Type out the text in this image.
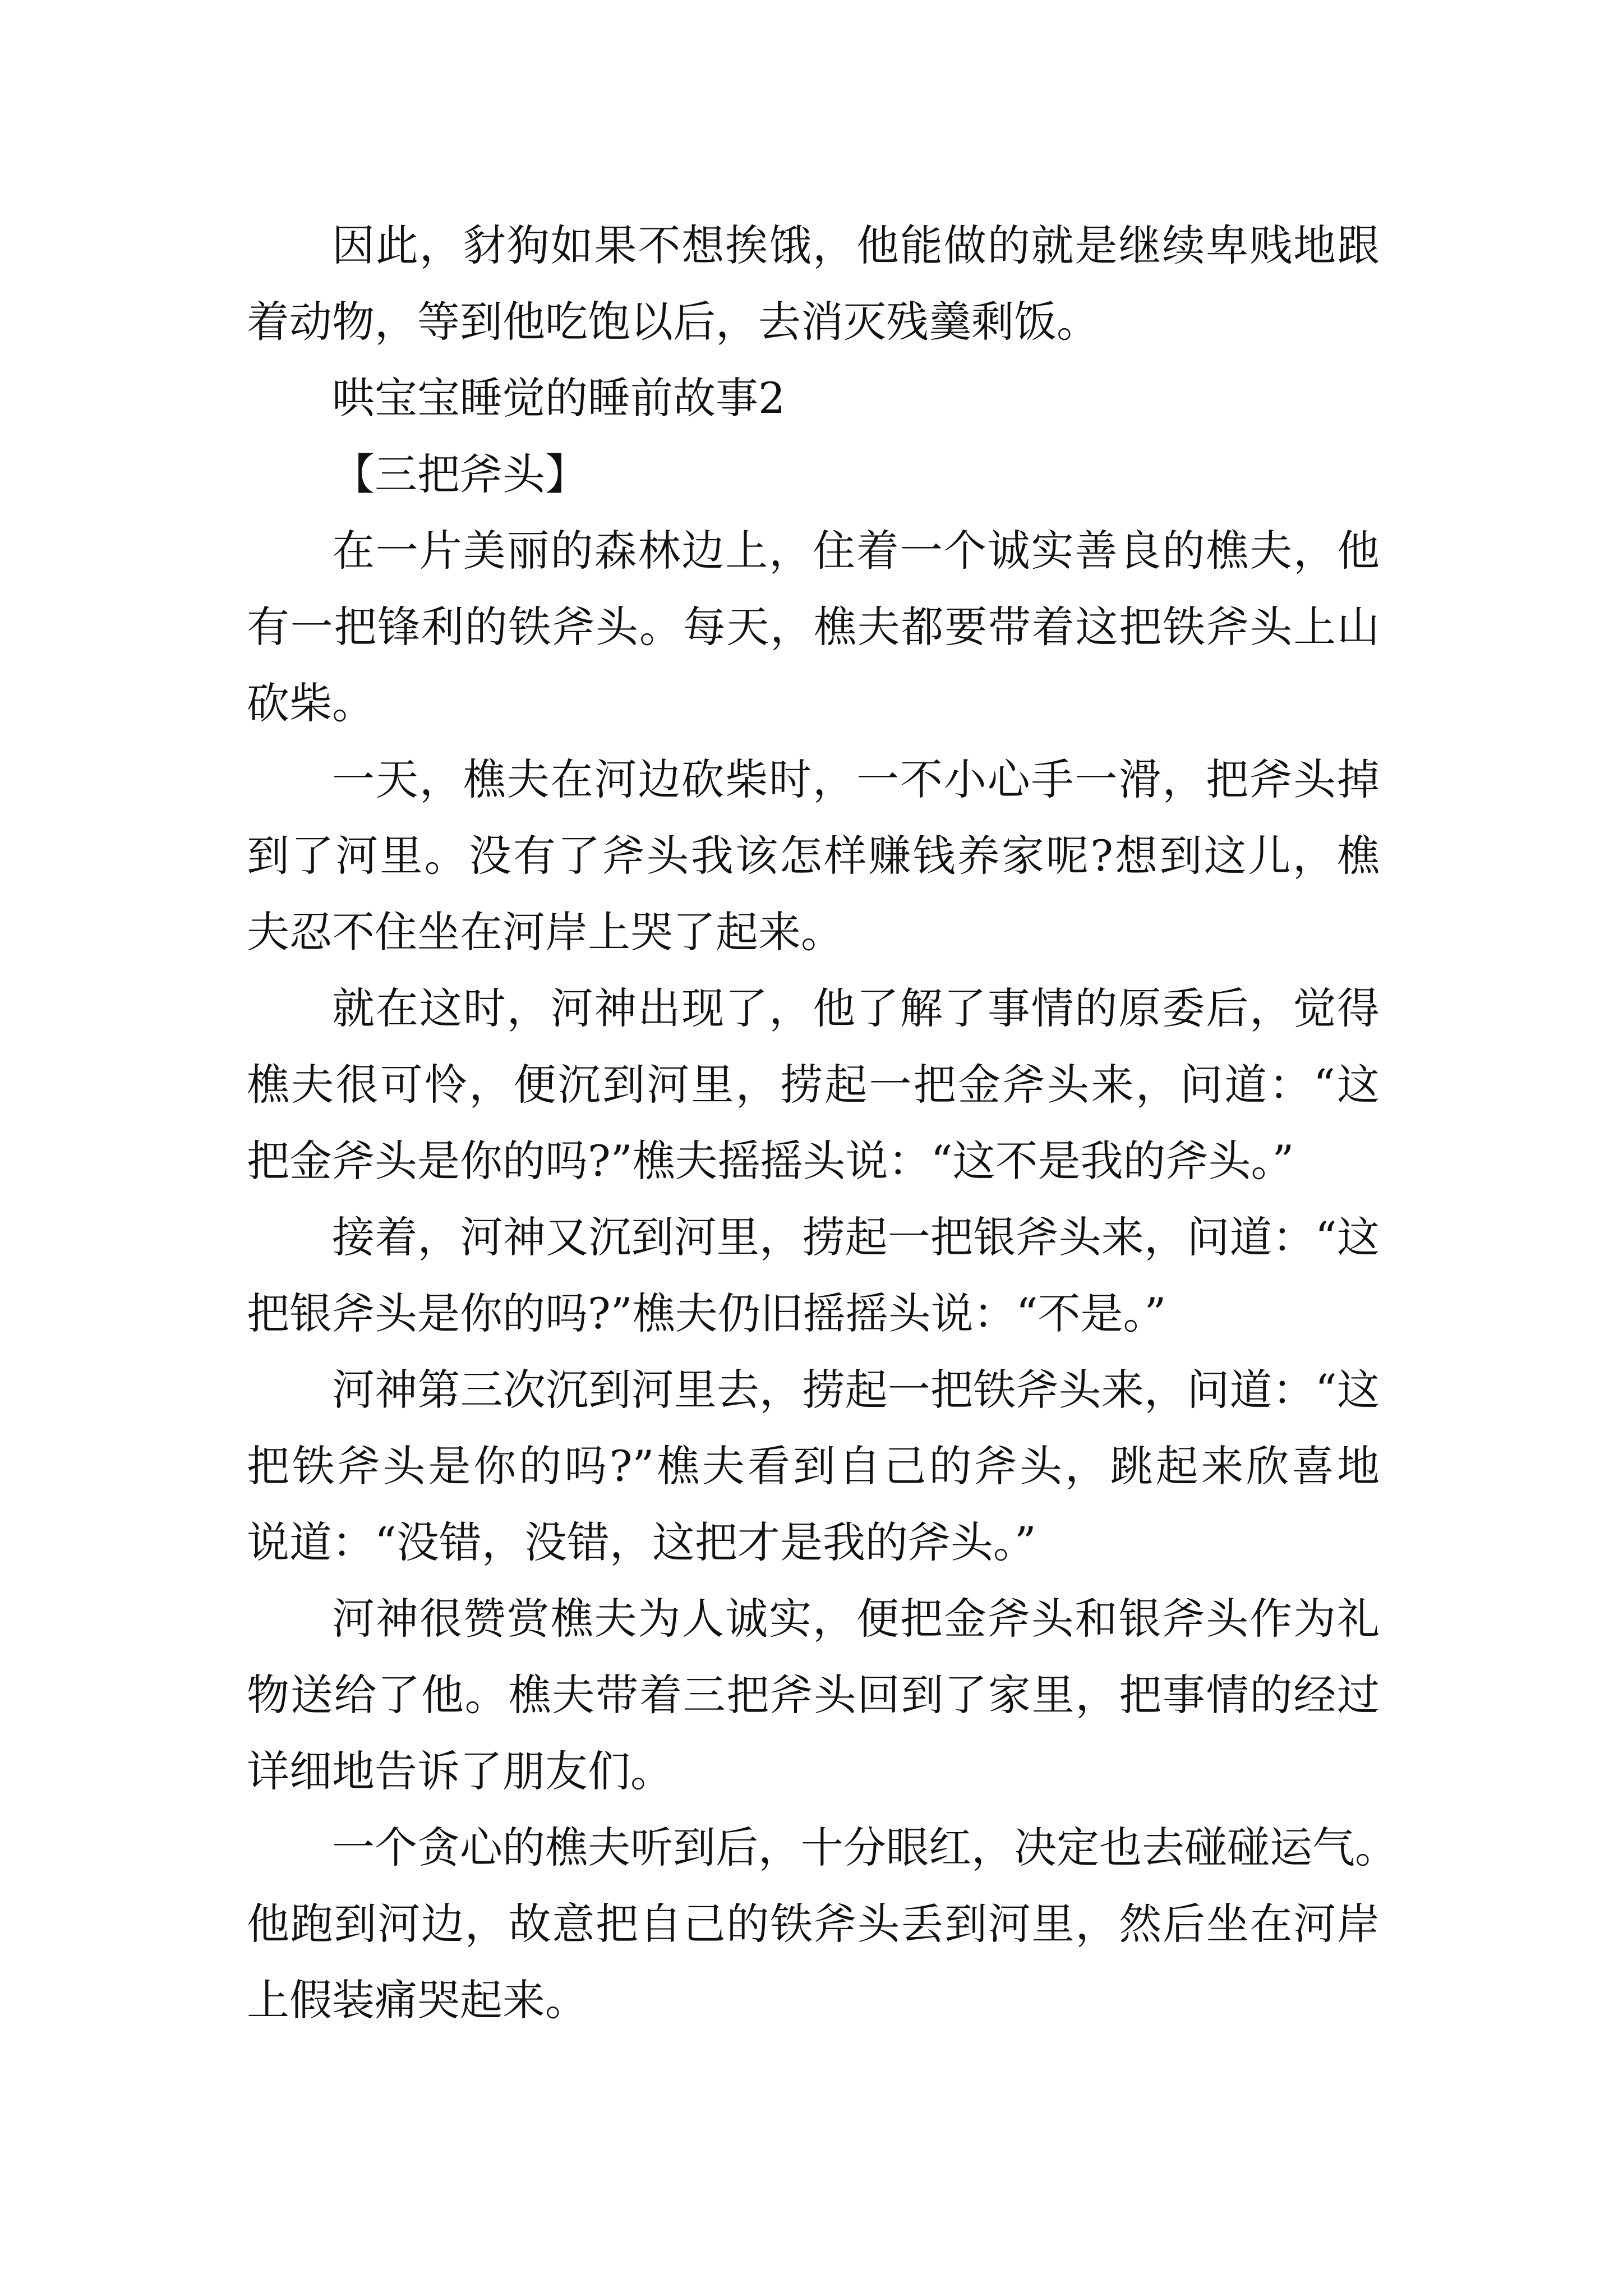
因此，豺狗如果不想挨饿，他能做的就是继续卑贱地跟
着动物，等到他吃饱以后，去消灭残羹剩饭。

哄宝宝睡觉的睡前故事2

【三把斧头】

在一片美丽的森林边上，住着一个诚实善良的樵夫，他
有一把锋利的铁斧头。每天，樵夫都要带着这把铁斧头上山
砍柴。

一天，樵夫在河边砍柴时，一不小心手一滑，把斧头掉
到了河里。没有了斧头我该怎样赚钱养家呢?想到这儿，樵
夫忍不住坐在河岸上哭了起来。

就在这时，河神出现了，他了解了事情的原委后，觉得
樵夫很可怜，便沉到河里，捞起一把金斧头来，问道：“这
把金斧头是你的吗?”樵夫摇摇头说：“这不是我的斧头。”

接着，河神又沉到河里，捞起一把银斧头来，问道：“这
把银斧头是你的吗?”樵夫仍旧摇摇头说：“不是。”

河神第三次沉到河里去，捞起一把铁斧头来，问道：“这
把铁斧头是你的吗?”樵夫看到自己的斧头，跳起来欣喜地
说道：“没错，没错，这把才是我的斧头。”

河神很赞赏樵夫为人诚实，便把金斧头和银斧头作为礼
物送给了他。樵夫带着三把斧头回到了家里，把事情的经过
详细地告诉了朋友们。

一个贪心的樵夫听到后，十分眼红，决定也去碰碰运气。
他跑到河边，故意把自己的铁斧头丢到河里，然后坐在河岸
上假装痛哭起来。
